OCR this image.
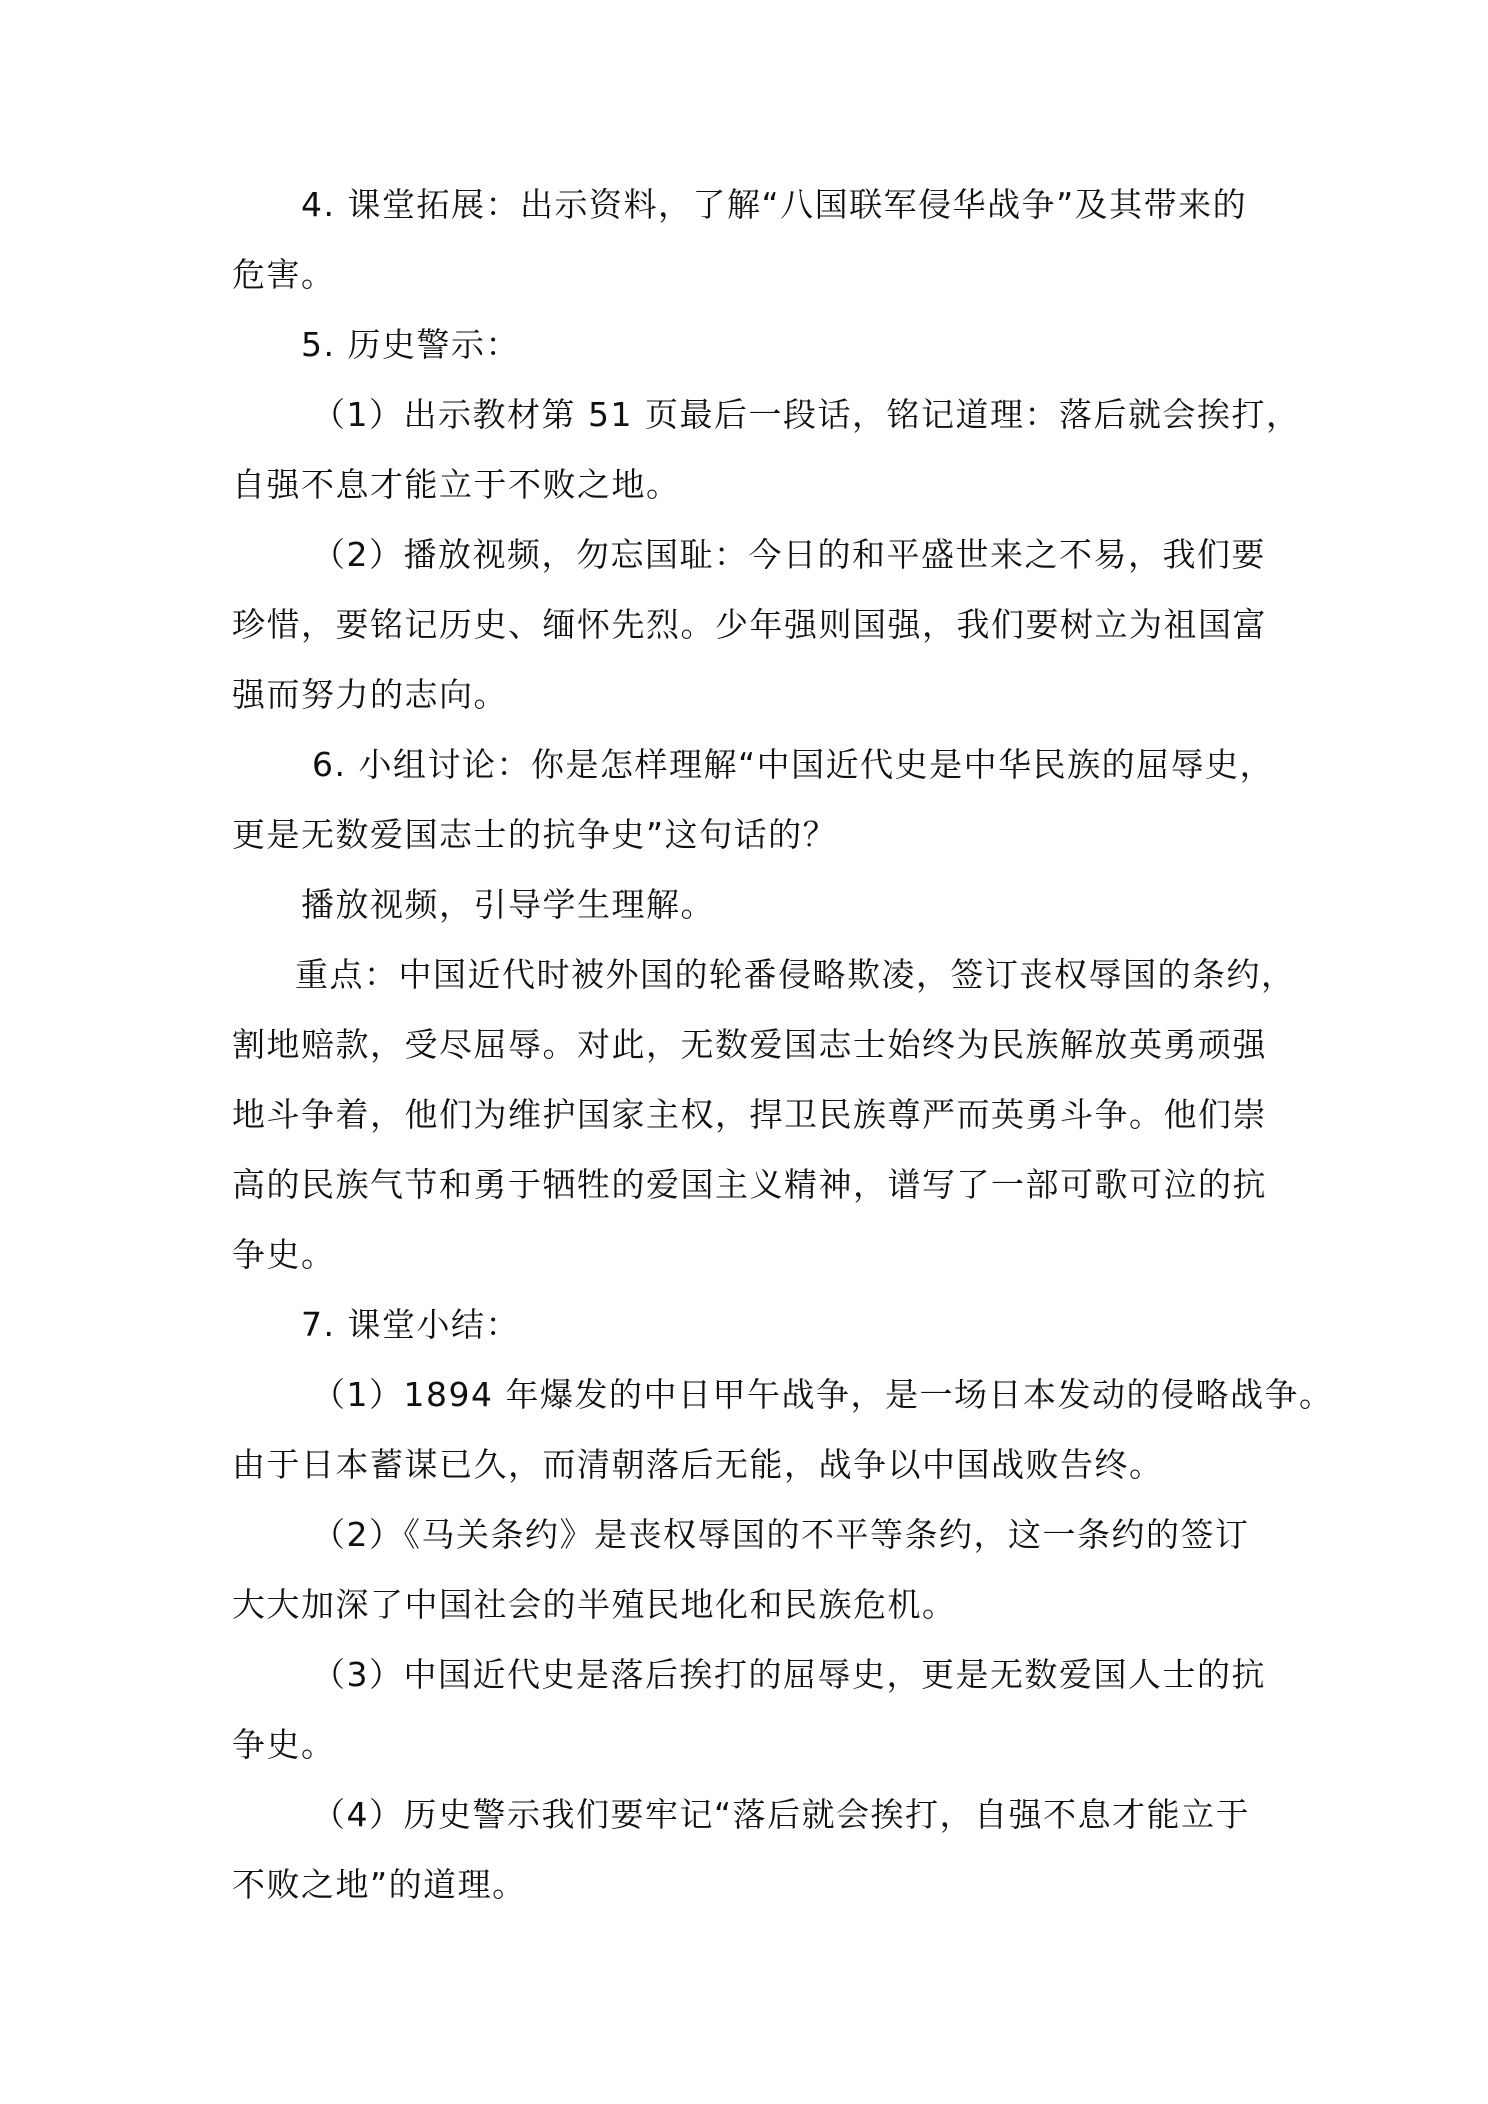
4. 课堂拓展：出示资料，了解“八国联军侵华战争”及其带来的
危害。
5. 历史警示：
（1）出示教材第 51 页最后一段话，铭记道理：落后就会挨打，
自强不息才能立于不败之地。
（2）播放视频，勿忘国耻：今日的和平盛世来之不易，我们要
珍惜，要铭记历史、缅怀先烈。少年强则国强，我们要树立为祖国富
强而努力的志向。
6. 小组讨论：你是怎样理解“中国近代史是中华民族的屈辱史，
更是无数爱国志士的抗争史”这句话的？
播放视频，引导学生理解。
重点：中国近代时被外国的轮番侵略欺凌，签订丧权辱国的条约，
割地赔款，受尽屈辱。对此，无数爱国志士始终为民族解放英勇顽强
地斗争着，他们为维护国家主权，捍卫民族尊严而英勇斗争。他们崇
高的民族气节和勇于牺牲的爱国主义精神，谱写了一部可歌可泣的抗
争史。
7. 课堂小结：
（1）1894 年爆发的中日甲午战争，是一场日本发动的侵略战争。
由于日本蓄谋已久，而清朝落后无能，战争以中国战败告终。
（2）《马关条约》是丧权辱国的不平等条约，这一条约的签订
大大加深了中国社会的半殖民地化和民族危机。
（3）中国近代史是落后挨打的屈辱史，更是无数爱国人士的抗
争史。
（4）历史警示我们要牢记“落后就会挨打，自强不息才能立于
不败之地”的道理。
